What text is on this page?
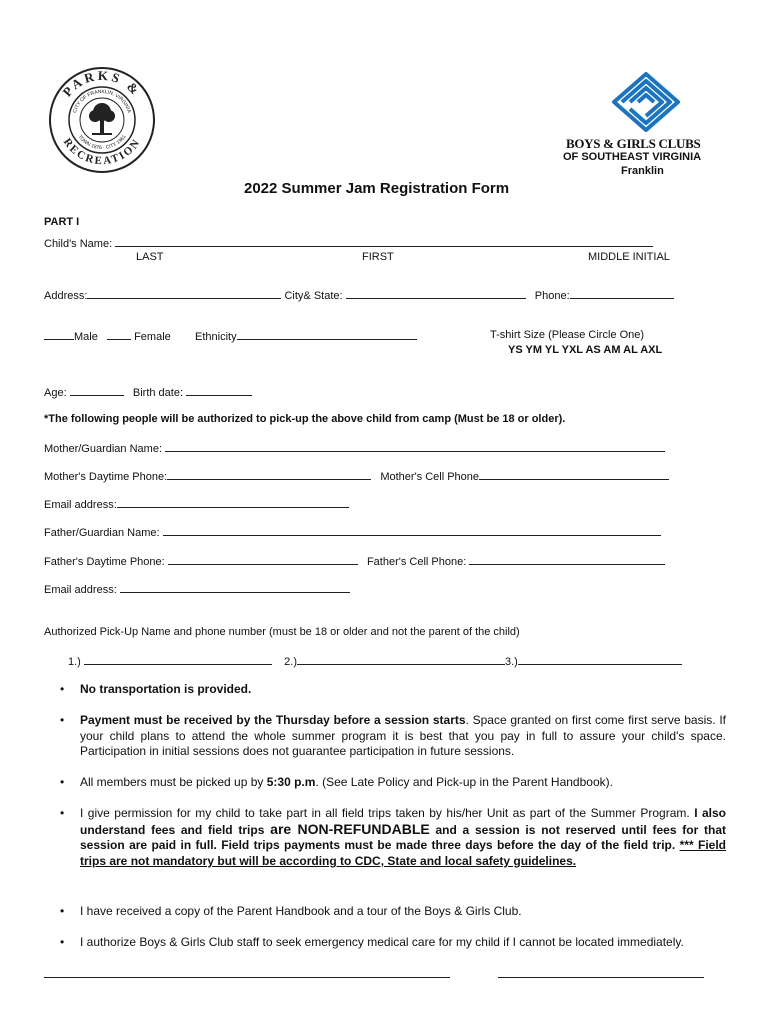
PARKS &
RECREATION
CITY OF FRANKLIN, VIRGINIA
TOWN 1876 · CITY 1961	BOYS & GIRLS CLUBS
OF SOUTHEAST VIRGINIA
Franklin
2022 Summer Jam Registration Form
PART I
Child's Name:
LAST	FIRST	MIDDLE INITIAL
Address:	City& State:	Phone:
Male	Female Ethnicity	T-shirt Size (Please Circle One)
YS YM YL YXL AS AM AL AXL
Age:	Birth date:
*The following people will be authorized to pick-up the above child from camp (Must be 18 or older).
Mother/Guardian Name:
Mother's Daytime Phone:	Mother's Cell Phone
Email address:
Father/Guardian Name:
Father's Daytime Phone:	Father's Cell Phone:
Email address:
Authorized Pick-Up Name and phone number (must be 18 or older and not the parent of the child)
1.)	2.)	3.)
• No transportation is provided.
• Payment must be received by the Thursday before a session starts. Space granted on first come first serve basis. If your child plans to attend the whole summer program it is best that you pay in full to assure your child's space. Participation in initial sessions does not guarantee participation in future sessions.
• All members must be picked up by 5:30 p.m. (See Late Policy and Pick-up in the Parent Handbook).
• I give permission for my child to take part in all field trips taken by his/her Unit as part of the Summer Program. I also understand fees and field trips are NON-REFUNDABLE and a session is not reserved until fees for that session are paid in full. Field trips payments must be made three days before the day of the field trip. *** Field trips are not mandatory but will be according to CDC, State and local safety guidelines.
• I have received a copy of the Parent Handbook and a tour of the Boys & Girls Club.
• I authorize Boys & Girls Club staff to seek emergency medical care for my child if I cannot be located immediately.
